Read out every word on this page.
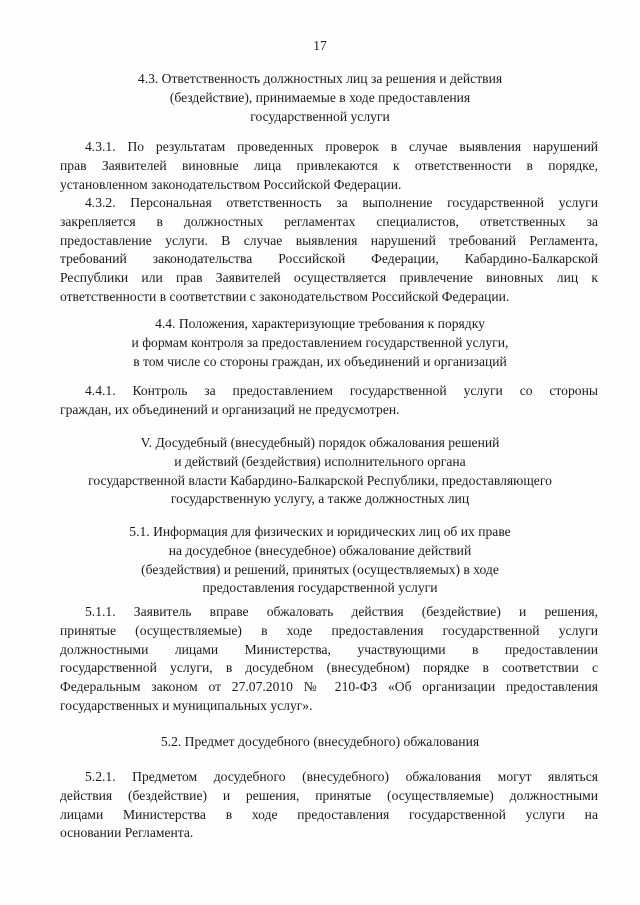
17
4.3. Ответственность должностных лиц за решения и действия
(бездействие), принимаемые в ходе предоставления
государственной услуги
4.3.1. По результатам проведенных проверок в случае выявления нарушений
прав Заявителей виновные лица привлекаются к ответственности в порядке,
установленном законодательством Российской Федерации.
4.3.2. Персональная ответственность за выполнение государственной услуги
закрепляется в должностных регламентах специалистов, ответственных за
предоставление услуги. В случае выявления нарушений требований Регламента,
требований законодательства Российской Федерации, Кабардино-Балкарской
Республики или прав Заявителей осуществляется привлечение виновных лиц к
ответственности в соответствии с законодательством Российской Федерации.
4.4. Положения, характеризующие требования к порядку
и формам контроля за предоставлением государственной услуги,
в том числе со стороны граждан, их объединений и организаций
4.4.1. Контроль за предоставлением государственной услуги со стороны
граждан, их объединений и организаций не предусмотрен.
V. Досудебный (внесудебный) порядок обжалования решений
и действий (бездействия) исполнительного органа
государственной власти Кабардино-Балкарской Республики, предоставляющего
государственную услугу, а также должностных лиц
5.1. Информация для физических и юридических лиц об их праве
на досудебное (внесудебное) обжалование действий
(бездействия) и решений, принятых (осуществляемых) в ходе
предоставления государственной услуги
5.1.1. Заявитель вправе обжаловать действия (бездействие) и решения,
принятые (осуществляемые) в ходе предоставления государственной услуги
должностными лицами Министерства, участвующими в предоставлении
государственной услуги, в досудебном (внесудебном) порядке в соответствии с
Федеральным законом от 27.07.2010 № 210-ФЗ «Об организации предоставления
государственных и муниципальных услуг».
5.2. Предмет досудебного (внесудебного) обжалования
5.2.1. Предметом досудебного (внесудебного) обжалования могут являться
действия (бездействие) и решения, принятые (осуществляемые) должностными
лицами Министерства в ходе предоставления государственной услуги на
основании Регламента.
